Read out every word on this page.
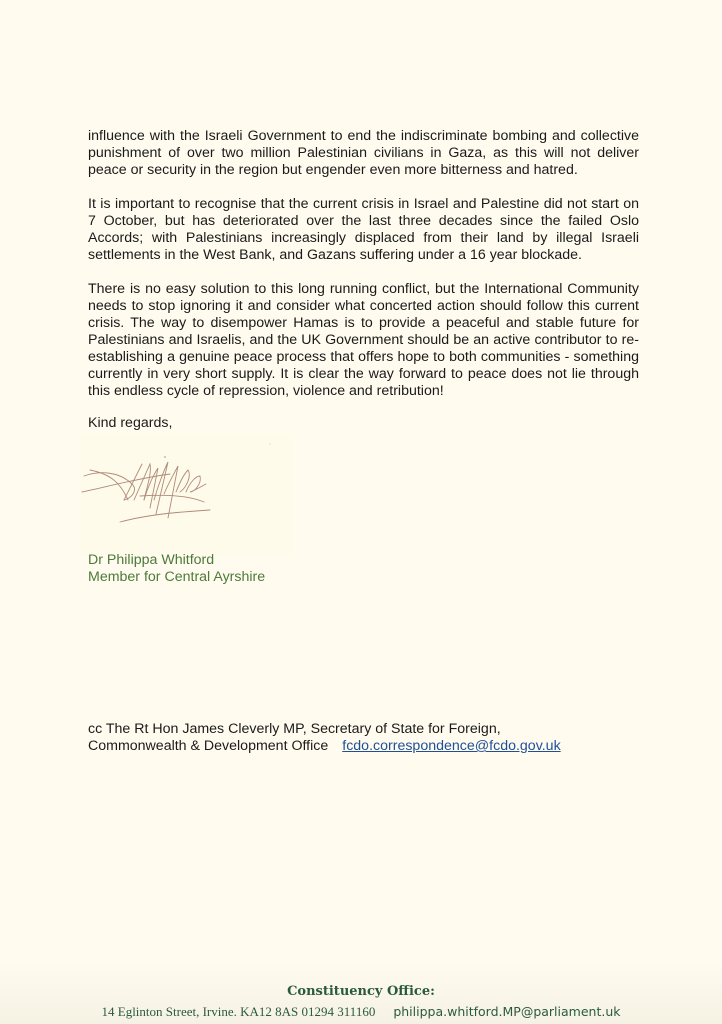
influence with the Israeli Government to end the indiscriminate bombing and collective punishment of over two million Palestinian civilians in Gaza, as this will not deliver peace or security in the region but engender even more bitterness and hatred.

It is important to recognise that the current crisis in Israel and Palestine did not start on 7 October, but has deteriorated over the last three decades since the failed Oslo Accords; with Palestinians increasingly displaced from their land by illegal Israeli settlements in the West Bank, and Gazans suffering under a 16 year blockade.

There is no easy solution to this long running conflict, but the International Community needs to stop ignoring it and consider what concerted action should follow this current crisis. The way to disempower Hamas is to provide a peaceful and stable future for Palestinians and Israelis, and the UK Government should be an active contributor to re-establishing a genuine peace process that offers hope to both communities - something currently in very short supply. It is clear the way forward to peace does not lie through this endless cycle of repression, violence and retribution!

Kind regards,

Dr Philippa Whitford
Member for Central Ayrshire
cc The Rt Hon James Cleverly MP, Secretary of State for Foreign,
Commonwealth & Development Office fcdo.correspondence@fcdo.gov.uk
Constituency Office:
14 Eglinton Street, Irvine. KA12 8AS 01294 311160 philippa.whitford.MP@parliament.uk
